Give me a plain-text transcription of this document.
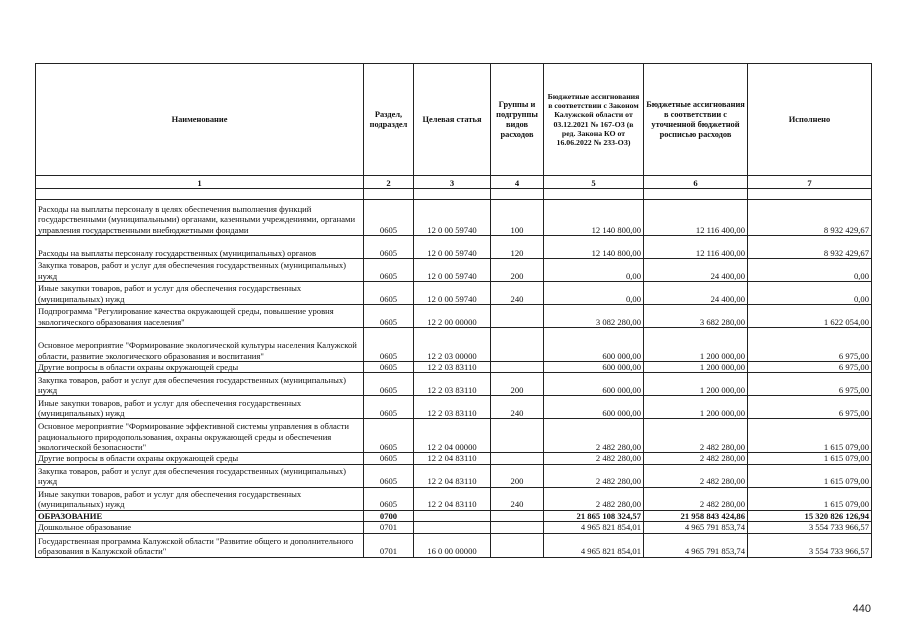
Наименование	Раздел, подраздел	Целевая статья	Группы и подгруппы видов расходов	Бюджетные ассигнования в соответствии с Законом Калужской области от 03.12.2021 № 167-ОЗ (в ред. Закона КО от 16.06.2022 № 233-ОЗ)	Бюджетные ассигнования в соответствии с уточненной бюджетной росписью расходов	Исполнено
1	2	3	4	5	6	7

Расходы на выплаты персоналу в целях обеспечения выполнения функций государственными (муниципальными) органами, казенными учреждениями, органами управления государственными внебюджетными фондами	0605	12 0 00 59740	100	12 140 800,00	12 116 400,00	8 932 429,67
Расходы на выплаты персоналу государственных (муниципальных) органов	0605	12 0 00 59740	120	12 140 800,00	12 116 400,00	8 932 429,67
Закупка товаров, работ и услуг для обеспечения государственных (муниципальных) нужд	0605	12 0 00 59740	200	0,00	24 400,00	0,00
Иные закупки товаров, работ и услуг для обеспечения государственных (муниципальных) нужд	0605	12 0 00 59740	240	0,00	24 400,00	0,00
Подпрограмма "Регулирование качества окружающей среды, повышение уровня экологического образования населения"	0605	12 2 00 00000		3 082 280,00	3 682 280,00	1 622 054,00
Основное мероприятие "Формирование экологической культуры населения Калужской области, развитие экологического образования и воспитания"	0605	12 2 03 00000		600 000,00	1 200 000,00	6 975,00
Другие вопросы в области охраны окружающей среды	0605	12 2 03 83110		600 000,00	1 200 000,00	6 975,00
Закупка товаров, работ и услуг для обеспечения государственных (муниципальных) нужд	0605	12 2 03 83110	200	600 000,00	1 200 000,00	6 975,00
Иные закупки товаров, работ и услуг для обеспечения государственных (муниципальных) нужд	0605	12 2 03 83110	240	600 000,00	1 200 000,00	6 975,00
Основное мероприятие "Формирование эффективной системы управления в области рационального природопользования, охраны окружающей среды и обеспечения экологической безопасности"	0605	12 2 04 00000		2 482 280,00	2 482 280,00	1 615 079,00
Другие вопросы в области охраны окружающей среды	0605	12 2 04 83110		2 482 280,00	2 482 280,00	1 615 079,00
Закупка товаров, работ и услуг для обеспечения государственных (муниципальных) нужд	0605	12 2 04 83110	200	2 482 280,00	2 482 280,00	1 615 079,00
Иные закупки товаров, работ и услуг для обеспечения государственных (муниципальных) нужд	0605	12 2 04 83110	240	2 482 280,00	2 482 280,00	1 615 079,00
ОБРАЗОВАНИЕ	0700			21 865 108 324,57	21 958 843 424,86	15 320 826 126,94
Дошкольное образование	0701			4 965 821 854,01	4 965 791 853,74	3 554 733 966,57
Государственная программа Калужской области "Развитие общего и дополнительного образования в Калужской области"	0701	16 0 00 00000		4 965 821 854,01	4 965 791 853,74	3 554 733 966,57
440
